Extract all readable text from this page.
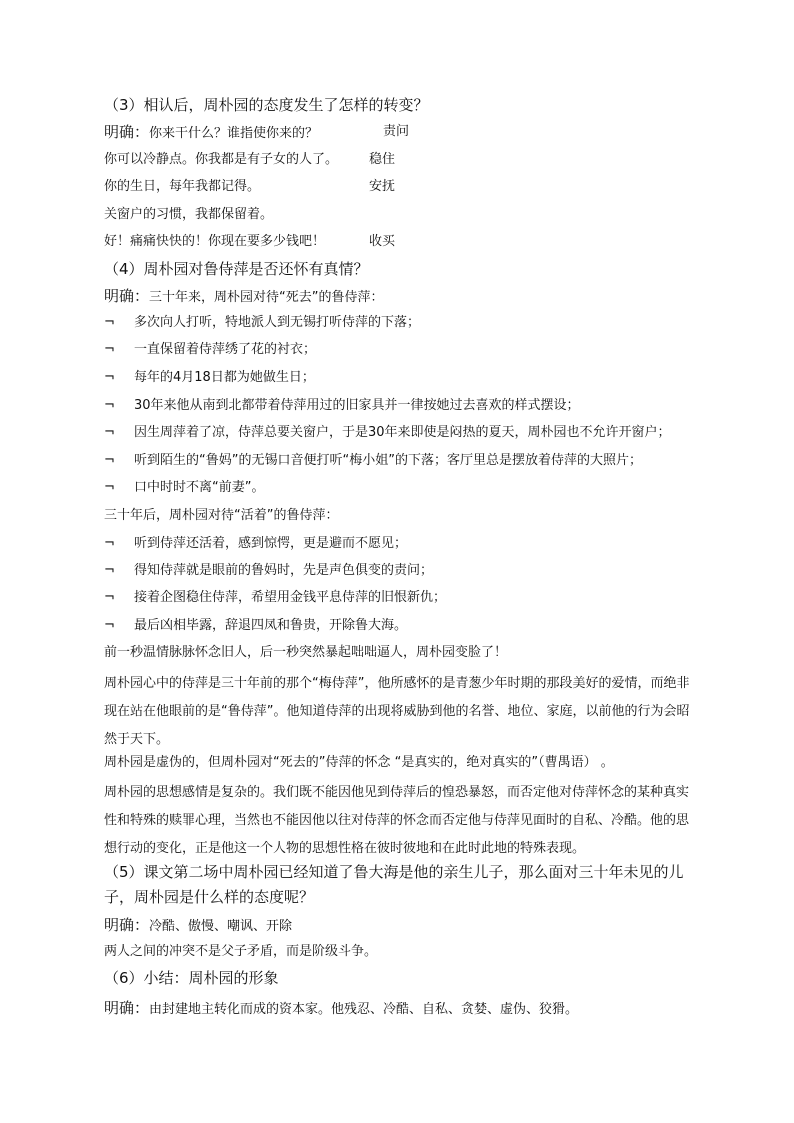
（3）相认后，周朴园的态度发生了怎样的转变？
明确：你来干什么？谁指使你来的？	责问
你可以冷静点。你我都是有子女的人了。 稳住
你的生日，每年我都记得。	安抚
关窗户的习惯，我都保留着。
好！痛痛快快的！你现在要多少钱吧！	收买
（4）周朴园对鲁侍萍是否还怀有真情？
明确：三十年来，周朴园对待“死去”的鲁侍萍：
¬ 多次向人打听，特地派人到无锡打听侍萍的下落；
¬ 一直保留着侍萍绣了花的衬衣；
¬ 每年的4月18日都为她做生日；
¬ 30年来他从南到北都带着侍萍用过的旧家具并一律按她过去喜欢的样式摆设；
¬ 因生周萍着了凉，侍萍总要关窗户，于是30年来即使是闷热的夏天，周朴园也不允许开窗户；
¬ 听到陌生的“鲁妈”的无锡口音便打听“梅小姐”的下落；客厅里总是摆放着侍萍的大照片；
¬ 口中时时不离“前妻”。
三十年后，周朴园对待“活着”的鲁侍萍：
¬ 听到侍萍还活着，感到惊愕，更是避而不愿见；
¬ 得知侍萍就是眼前的鲁妈时，先是声色俱变的责问；
¬ 接着企图稳住侍萍，希望用金钱平息侍萍的旧恨新仇；
¬ 最后凶相毕露，辞退四凤和鲁贵，开除鲁大海。
前一秒温情脉脉怀念旧人，后一秒突然暴起咄咄逼人，周朴园变脸了！
周朴园心中的侍萍是三十年前的那个“梅侍萍”，他所感怀的是青葱少年时期的那段美好的爱情，而绝非现在站在他眼前的是“鲁侍萍”。他知道侍萍的出现将威胁到他的名誉、地位、家庭，以前他的行为会昭然于天下。
周朴园是虚伪的，但周朴园对“死去的”侍萍的怀念 “是真实的，绝对真实的”（曹禺语） 。
周朴园的思想感情是复杂的。我们既不能因他见到侍萍后的惶恐暴怒，而否定他对侍萍怀念的某种真实性和特殊的赎罪心理，当然也不能因他以往对侍萍的怀念而否定他与侍萍见面时的自私、冷酷。他的思想行动的变化，正是他这一个人物的思想性格在彼时彼地和在此时此地的特殊表现。
（5）课文第二场中周朴园已经知道了鲁大海是他的亲生儿子，那么面对三十年未见的儿子，周朴园是什么样的态度呢？
明确：冷酷、傲慢、嘲讽、开除
两人之间的冲突不是父子矛盾，而是阶级斗争。
（6）小结：周朴园的形象
明确：由封建地主转化而成的资本家。他残忍、冷酷、自私、贪婪、虚伪、狡猾。
